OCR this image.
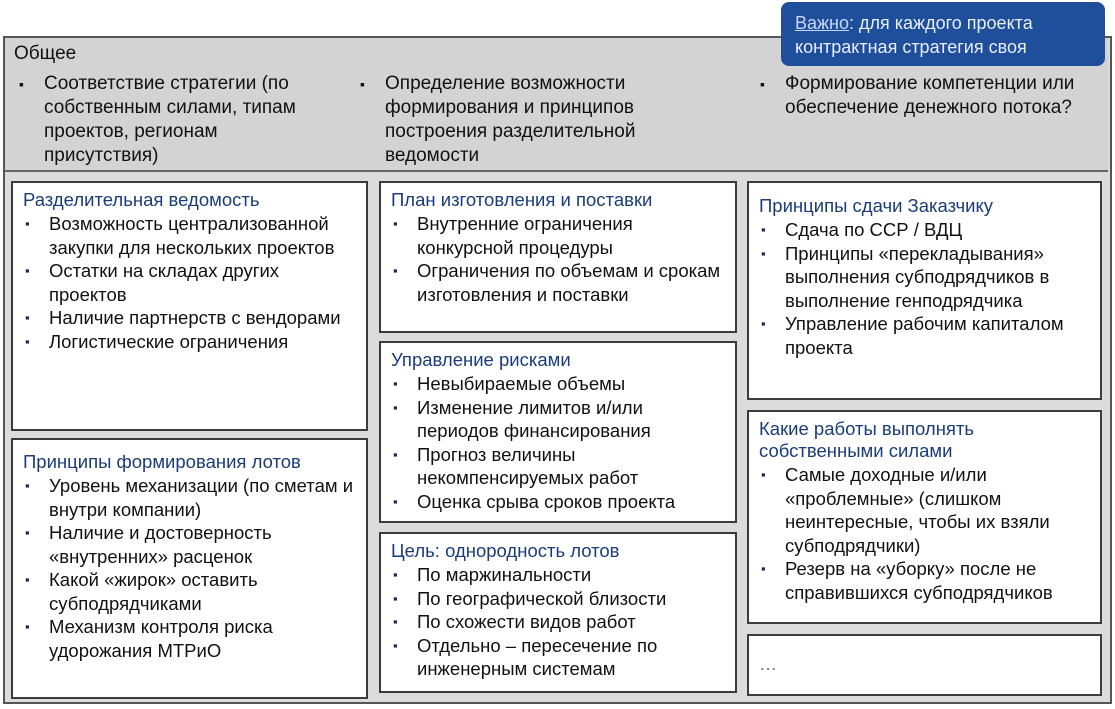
Общее
▪ Соответствие стратегии (по собственным силами, типам проектов, регионам присутствия)
▪ Определение возможности формирования и принципов построения разделительной ведомости
▪ Формирование компетенции или обеспечение денежного потока?
Важно: для каждого проекта контрактная стратегия своя
Разделительная ведомость
▪ Возможность централизованной закупки для нескольких проектов
▪ Остатки на складах других проектов
▪ Наличие партнерств с вендорами
▪ Логистические ограничения
Принципы формирования лотов
▪ Уровень механизации (по сметам и внутри компании)
▪ Наличие и достоверность «внутренних» расценок
▪ Какой «жирок» оставить субподрядчиками
▪ Механизм контроля риска удорожания МТРиО
План изготовления и поставки
▪ Внутренние ограничения конкурсной процедуры
▪ Ограничения по объемам и срокам изготовления и поставки
Управление рисками
▪ Невыбираемые объемы
▪ Изменение лимитов и/или периодов финансирования
▪ Прогноз величины некомпенсируемых работ
▪ Оценка срыва сроков проекта
Цель: однородность лотов
▪ По маржинальности
▪ По географической близости
▪ По схожести видов работ
▪ Отдельно – пересечение по инженерным системам
Принципы сдачи Заказчику
▪ Сдача по ССР / ВДЦ
▪ Принципы «перекладывания» выполнения субподрядчиков в выполнение генподрядчика
▪ Управление рабочим капиталом проекта
Какие работы выполнять собственными силами
▪ Самые доходные и/или «проблемные» (слишком неинтересные, чтобы их взяли субподрядчики)
▪ Резерв на «уборку» после не справившихся субподрядчиков
…
